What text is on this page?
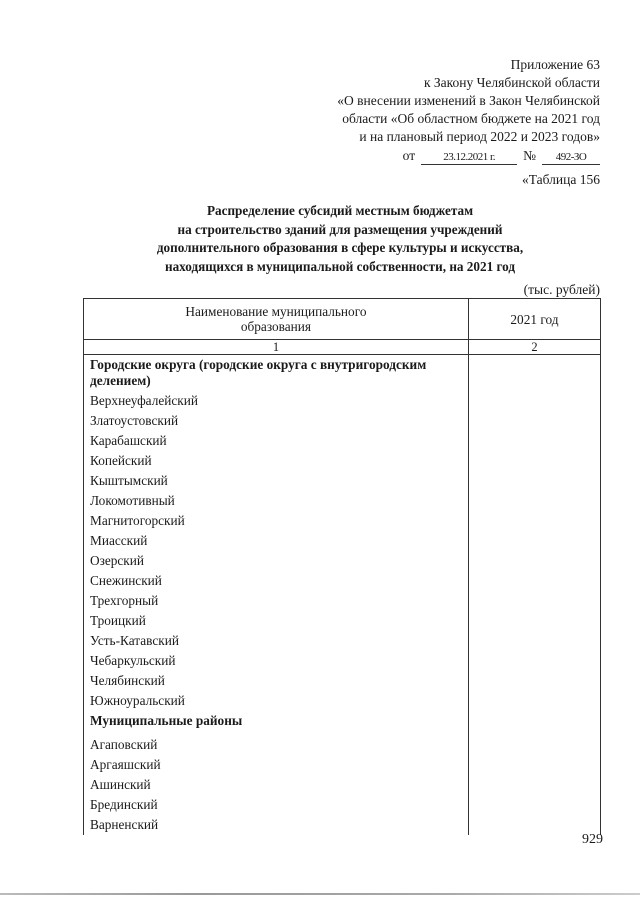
Приложение 63
к Закону Челябинской области
«О внесении изменений в Закон Челябинской
области «Об областном бюджете на 2021 год
и на плановый период 2022 и 2023 годов»
от	23.12.2021 г.	№	492-ЗО
«Таблица 156
Распределение субсидий местным бюджетам
на строительство зданий для размещения учреждений
дополнительного образования в сфере культуры и искусства,
находящихся в муниципальной собственности, на 2021 год
(тыс. рублей)
Наименование муниципального
образования	2021 год
1	2
Городские округа (городские округа с внутригородским делением)	
Верхнеуфалейский	
Златоустовский	
Карабашский	
Копейский	
Кыштымский	
Локомотивный	
Магнитогорский	
Миасский	
Озерский	
Снежинский	
Трехгорный	
Троицкий	
Усть-Катавский	
Чебаркульский	
Челябинский	
Южноуральский	
Муниципальные районы	
Агаповский	
Аргаяшский	
Ашинский	
Брединский	
Варненский	
929
